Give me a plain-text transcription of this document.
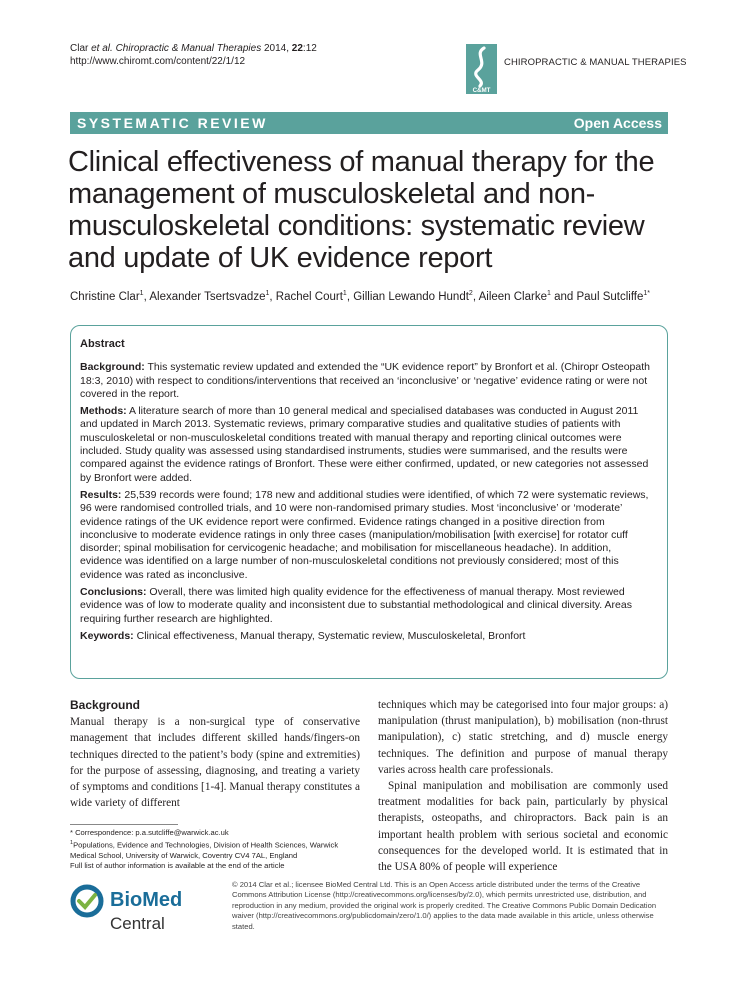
Clar et al. Chiropractic & Manual Therapies 2014, 22:12
http://www.chiromt.com/content/22/1/12
C&MT
CHIROPRACTIC & MANUAL THERAPIES
SYSTEMATIC REVIEW	Open Access
Clinical effectiveness of manual therapy for the management of musculoskeletal and non-musculoskeletal conditions: systematic review and update of UK evidence report
Christine Clar$^1$, Alexander Tsertsvadze$^1$, Rachel Court$^1$, Gillian Lewando Hundt$^2$, Aileen Clarke$^1$ and Paul Sutcliffe$^{1*}$
Abstract

Background: This systematic review updated and extended the “UK evidence report” by Bronfort et al. (Chiropr Osteopath 18:3, 2010) with respect to conditions/interventions that received an ‘inconclusive’ or ‘negative’ evidence rating or were not covered in the report.

Methods: A literature search of more than 10 general medical and specialised databases was conducted in August 2011 and updated in March 2013. Systematic reviews, primary comparative studies and qualitative studies of patients with musculoskeletal or non-musculoskeletal conditions treated with manual therapy and reporting clinical outcomes were included. Study quality was assessed using standardised instruments, studies were summarised, and the results were compared against the evidence ratings of Bronfort. These were either confirmed, updated, or new categories not assessed by Bronfort were added.

Results: 25,539 records were found; 178 new and additional studies were identified, of which 72 were systematic reviews, 96 were randomised controlled trials, and 10 were non-randomised primary studies. Most ‘inconclusive’ or ‘moderate’ evidence ratings of the UK evidence report were confirmed. Evidence ratings changed in a positive direction from inconclusive to moderate evidence ratings in only three cases (manipulation/mobilisation [with exercise] for rotator cuff disorder; spinal mobilisation for cervicogenic headache; and mobilisation for miscellaneous headache). In addition, evidence was identified on a large number of non-musculoskeletal conditions not previously considered; most of this evidence was rated as inconclusive.

Conclusions: Overall, there was limited high quality evidence for the effectiveness of manual therapy. Most reviewed evidence was of low to moderate quality and inconsistent due to substantial methodological and clinical diversity. Areas requiring further research are highlighted.

Keywords: Clinical effectiveness, Manual therapy, Systematic review, Musculoskeletal, Bronfort

Background

Manual therapy is a non-surgical type of conservative management that includes different skilled hands/fingers-on techniques directed to the patient’s body (spine and extremities) for the purpose of assessing, diagnosing, and treating a variety of symptoms and conditions [1-4]. Manual therapy constitutes a wide variety of different

techniques which may be categorised into four major groups: a) manipulation (thrust manipulation), b) mobilisation (non-thrust manipulation), c) static stretching, and d) muscle energy techniques. The definition and purpose of manual therapy varies across health care professionals.

Spinal manipulation and mobilisation are commonly used treatment modalities for back pain, particularly by physical therapists, osteopaths, and chiropractors. Back pain is an important health problem with serious societal and economic consequences for the developed world. It is estimated that in the USA 80% of people will experience

* Correspondence: p.a.sutcliffe@warwick.ac.uk
$^1$Populations, Evidence and Technologies, Division of Health Sciences, Warwick Medical School, University of Warwick, Coventry CV4 7AL, England
Full list of author information is available at the end of the article
BioMed Central
© 2014 Clar et al.; licensee BioMed Central Ltd. This is an Open Access article distributed under the terms of the Creative Commons Attribution License (http://creativecommons.org/licenses/by/2.0), which permits unrestricted use, distribution, and reproduction in any medium, provided the original work is properly credited. The Creative Commons Public Domain Dedication waiver (http://creativecommons.org/publicdomain/zero/1.0/) applies to the data made available in this article, unless otherwise stated.
